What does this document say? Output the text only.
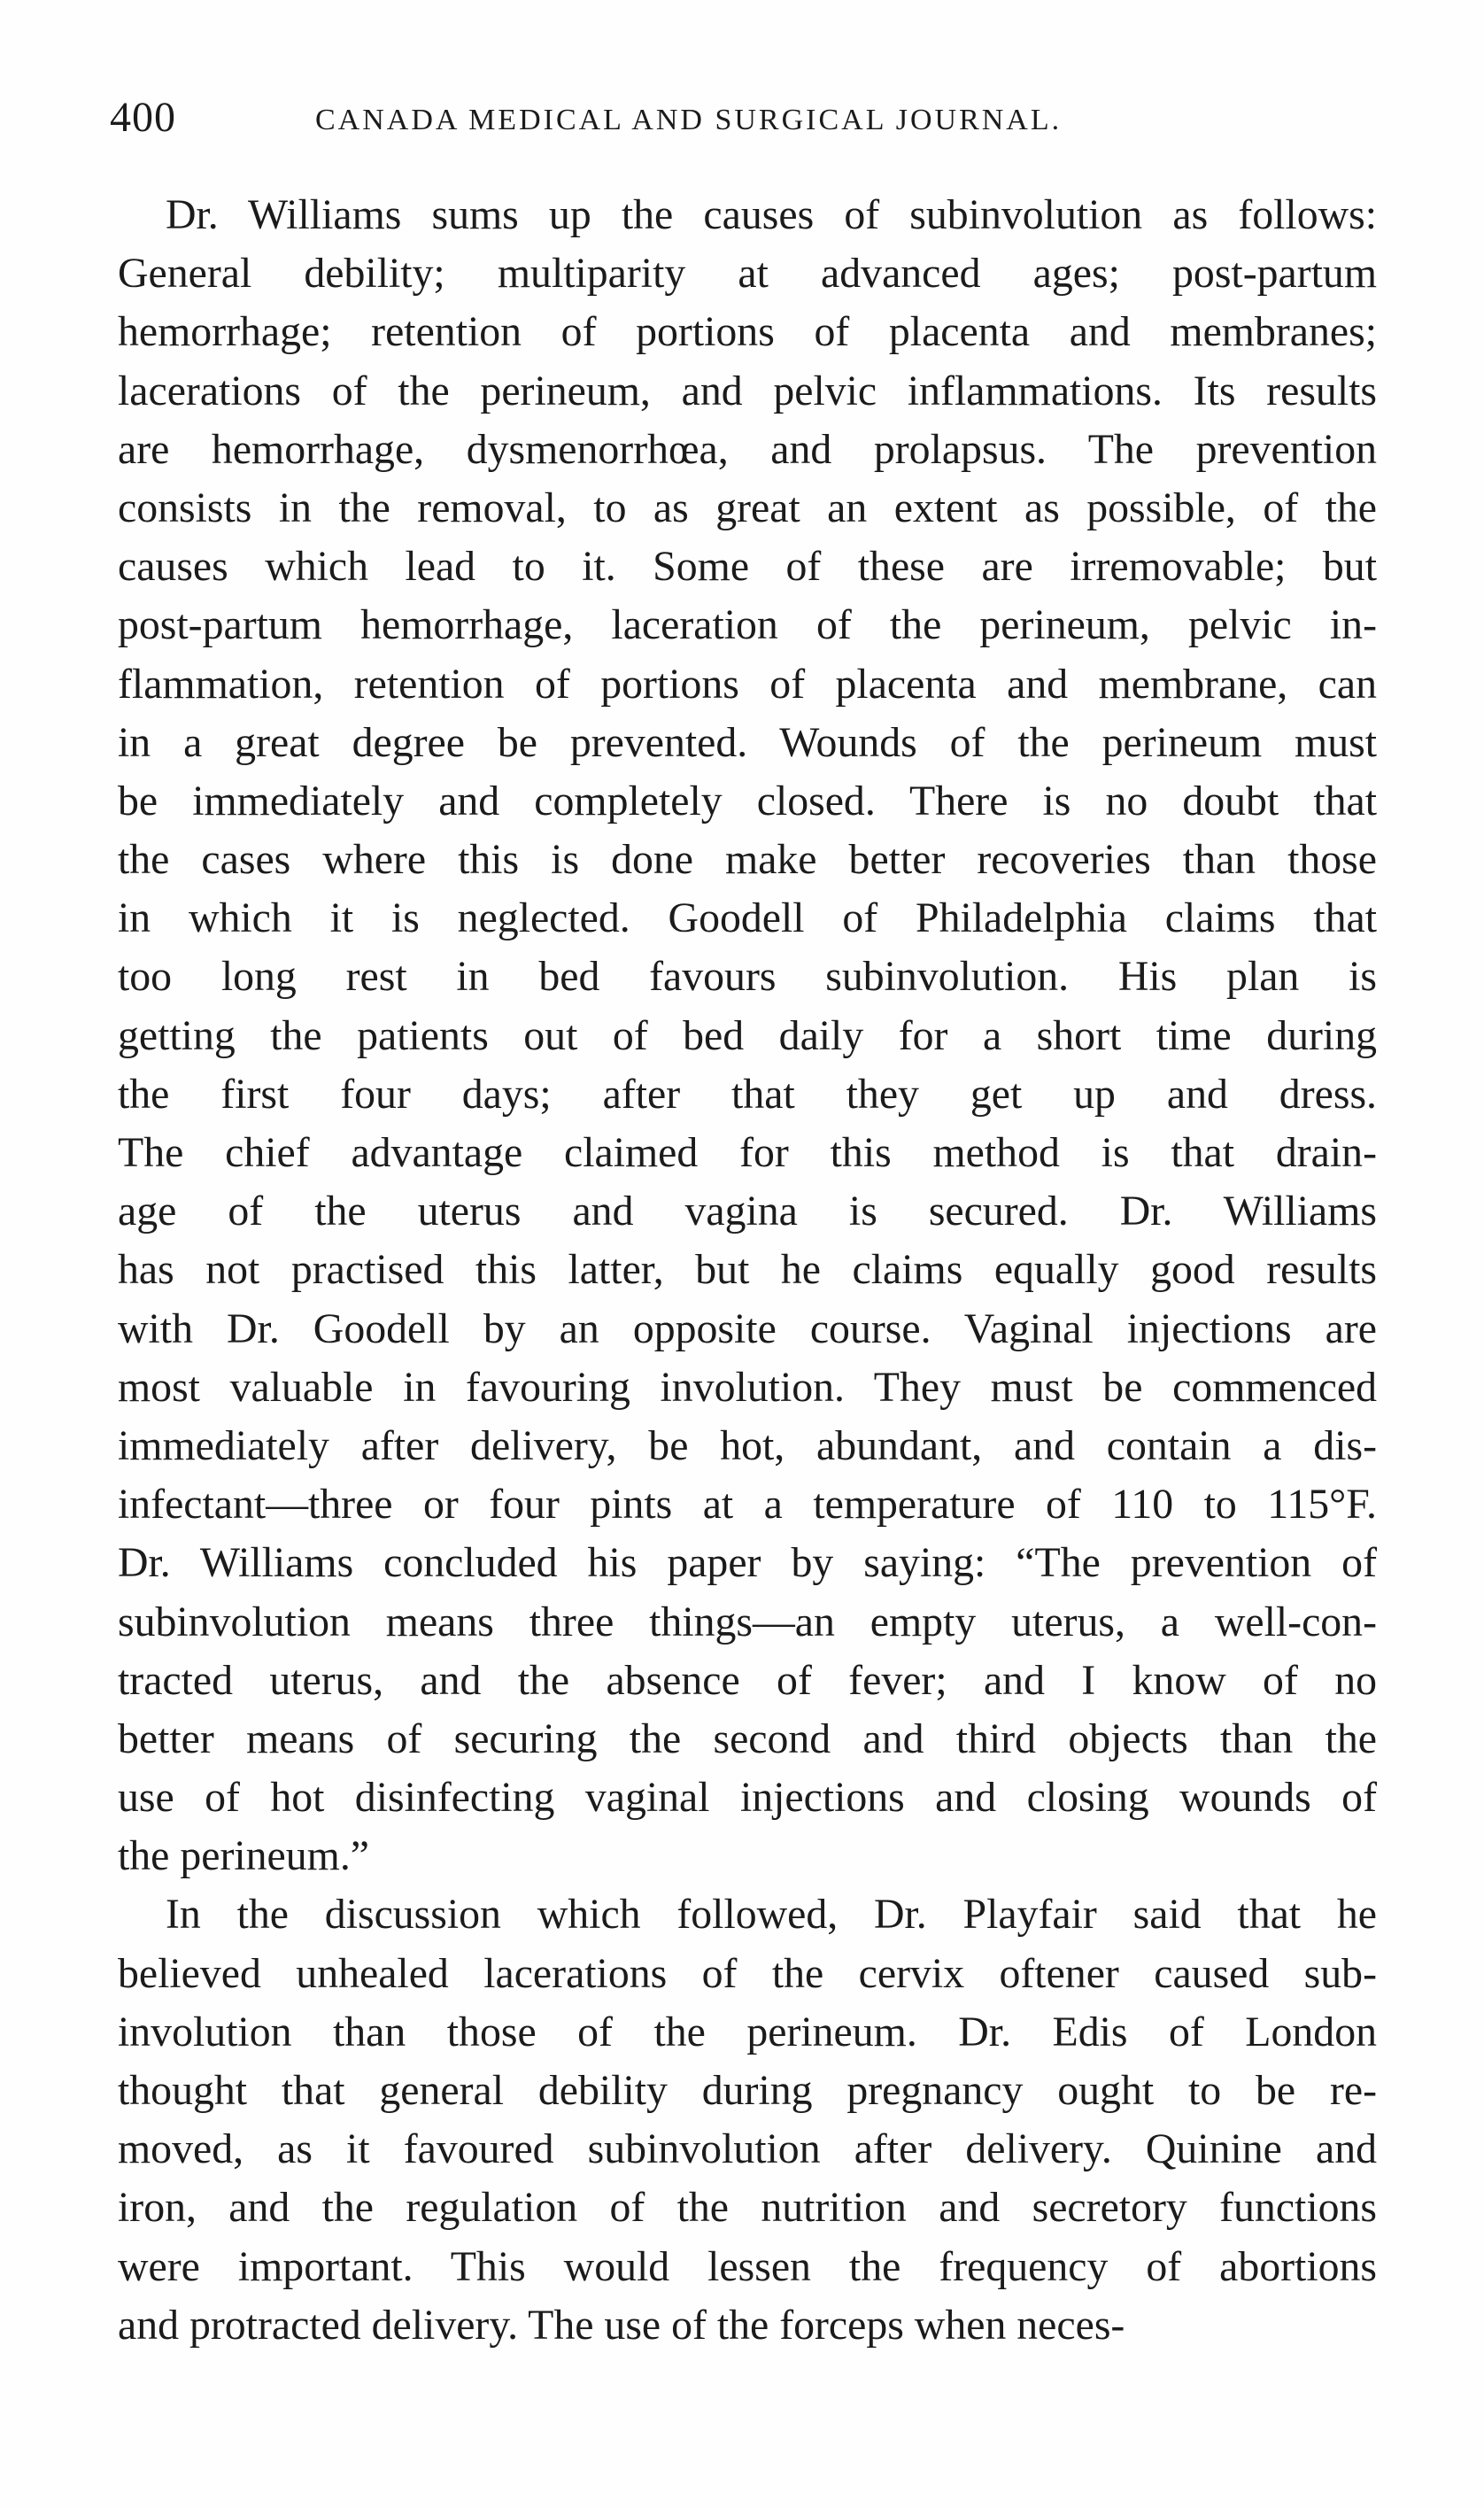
400	CANADA MEDICAL AND SURGICAL JOURNAL.

Dr. Williams sums up the causes of subinvolution as follows:
General debility; multiparity at advanced ages; post-partum
hemorrhage; retention of portions of placenta and membranes;
lacerations of the perineum, and pelvic inflammations. Its results
are hemorrhage, dysmenorrhœa, and prolapsus. The prevention
consists in the removal, to as great an extent as possible, of the
causes which lead to it. Some of these are irremovable; but
post-partum hemorrhage, laceration of the perineum, pelvic in-
flammation, retention of portions of placenta and membrane, can
in a great degree be prevented. Wounds of the perineum must
be immediately and completely closed. There is no doubt that
the cases where this is done make better recoveries than those
in which it is neglected. Goodell of Philadelphia claims that
too long rest in bed favours subinvolution. His plan is
getting the patients out of bed daily for a short time during
the first four days; after that they get up and dress.
The chief advantage claimed for this method is that drain-
age of the uterus and vagina is secured. Dr. Williams
has not practised this latter, but he claims equally good results
with Dr. Goodell by an opposite course. Vaginal injections are
most valuable in favouring involution. They must be commenced
immediately after delivery, be hot, abundant, and contain a dis-
infectant—three or four pints at a temperature of 110 to 115°F.
Dr. Williams concluded his paper by saying: “The prevention of
subinvolution means three things—an empty uterus, a well-con-
tracted uterus, and the absence of fever; and I know of no
better means of securing the second and third objects than the
use of hot disinfecting vaginal injections and closing wounds of
the perineum.”

In the discussion which followed, Dr. Playfair said that he
believed unhealed lacerations of the cervix oftener caused sub-
involution than those of the perineum. Dr. Edis of London
thought that general debility during pregnancy ought to be re-
moved, as it favoured subinvolution after delivery. Quinine and
iron, and the regulation of the nutrition and secretory functions
were important. This would lessen the frequency of abortions
and protracted delivery. The use of the forceps when neces-
